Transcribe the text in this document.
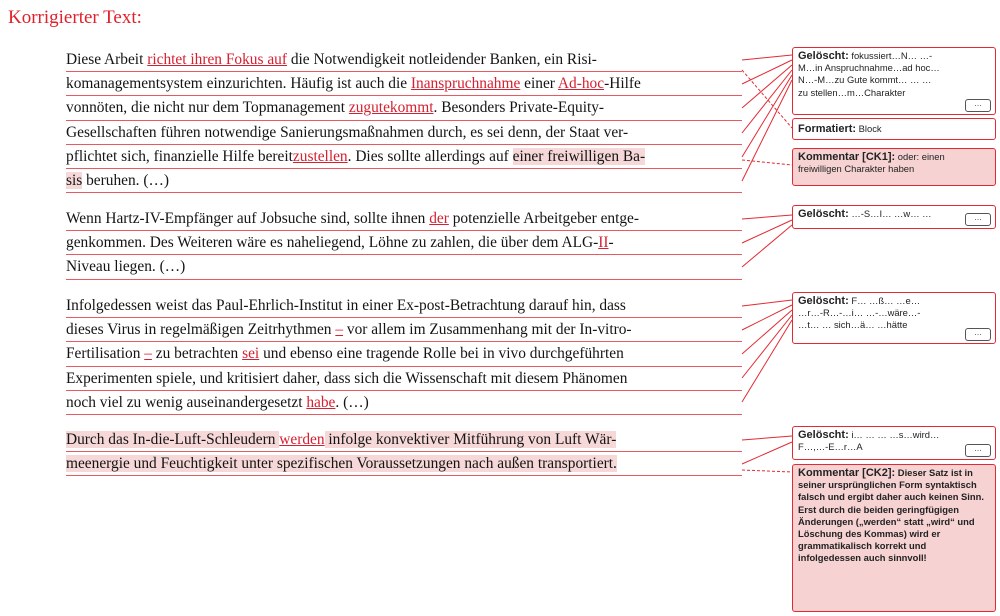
Korrigierter Text:
Diese Arbeit richtet ihren Fokus auf die Notwendigkeit notleidender Banken, ein Risi-
komanagementsystem einzurichten. Häufig ist auch die Inanspruchnahme einer Ad-hoc-Hilfe
vonnöten, die nicht nur dem Topmanagement zugutekommt. Besonders Private-Equity-
Gesellschaften führen notwendige Sanierungsmaßnahmen durch, es sei denn, der Staat ver-
pflichtet sich, finanzielle Hilfe bereitzustellen. Dies sollte allerdings auf einer freiwilligen Ba-
sis beruhen. (…)
Wenn Hartz-IV-Empfänger auf Jobsuche sind, sollte ihnen der potenzielle Arbeitgeber entge-
genkommen. Des Weiteren wäre es naheliegend, Löhne zu zahlen, die über dem ALG-II-
Niveau liegen. (…)
Infolgedessen weist das Paul-Ehrlich-Institut in einer Ex-post-Betrachtung darauf hin, dass
dieses Virus in regelmäßigen Zeitrhythmen – vor allem im Zusammenhang mit der In-vitro-
Fertilisation – zu betrachten sei und ebenso eine tragende Rolle bei in vivo durchgeführten
Experimenten spiele, und kritisiert daher, dass sich die Wissenschaft mit diesem Phänomen
noch viel zu wenig auseinandergesetzt habe. (…)
Durch das In-die-Luft-Schleudern werden infolge konvektiver Mitführung von Luft Wär-
meenergie und Feuchtigkeit unter spezifischen Voraussetzungen nach außen transportiert.
Gelöscht: fokussiert…N… …-
M…in Anspruchnahme…ad hoc…
N…-M…zu Gute kommt… … …
zu stellen…m…Charakter
…
Formatiert: Block
Kommentar [CK1]: oder: einen freiwilligen Charakter haben
Gelöscht: …-S…I… …w… …	…
Gelöscht: F… …ß… …e…
…r…-R…-…i… …-…wäre…-
…t… … sich…ä… …hätte
…
Gelöscht: i… … … …s…wird…
F…,…-E…r…A	…
Kommentar [CK2]: Dieser Satz ist in seiner ursprünglichen Form syntaktisch falsch und ergibt daher auch keinen Sinn. Erst durch die beiden geringfügigen Änderungen („werden“ statt „wird“ und Löschung des Kommas) wird er grammatikalisch korrekt und infolgedessen auch sinnvoll!
